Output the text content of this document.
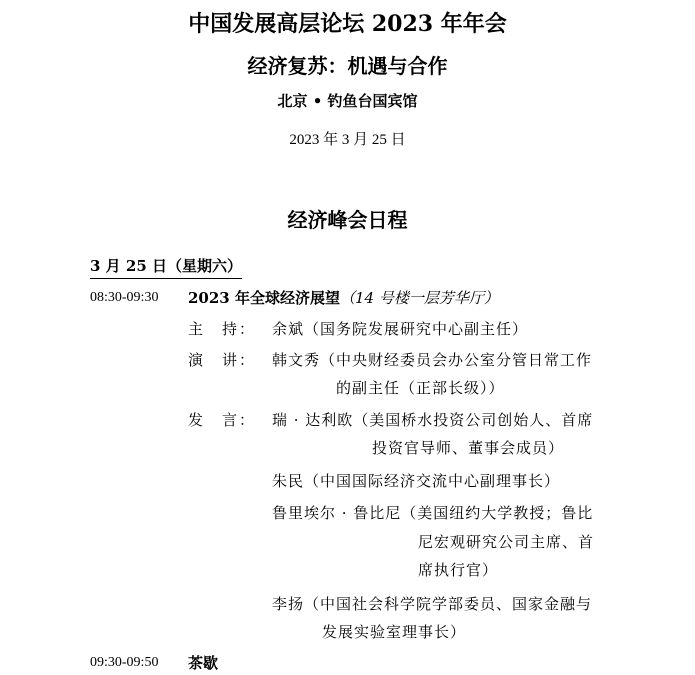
中国发展高层论坛 2023 年年会
经济复苏：机遇与合作
北京 • 钓鱼台国宾馆
2023 年 3 月 25 日
经济峰会日程
3 月 25 日（星期六）
08:30-09:30 2023 年全球经济展望（14 号楼一层芳华厅）
主　持： 余斌（国务院发展研究中心副主任）
演　讲： 韩文秀（中央财经委员会办公室分管日常工作
的副主任（正部长级））
发　言： 瑞 · 达利欧（美国桥水投资公司创始人、首席
投资官导师、董事会成员）
朱民（中国国际经济交流中心副理事长）
鲁里埃尔 · 鲁比尼（美国纽约大学教授；鲁比
尼宏观研究公司主席、首
席执行官）
李扬（中国社会科学院学部委员、国家金融与
发展实验室理事长）
09:30-09:50 茶歇
